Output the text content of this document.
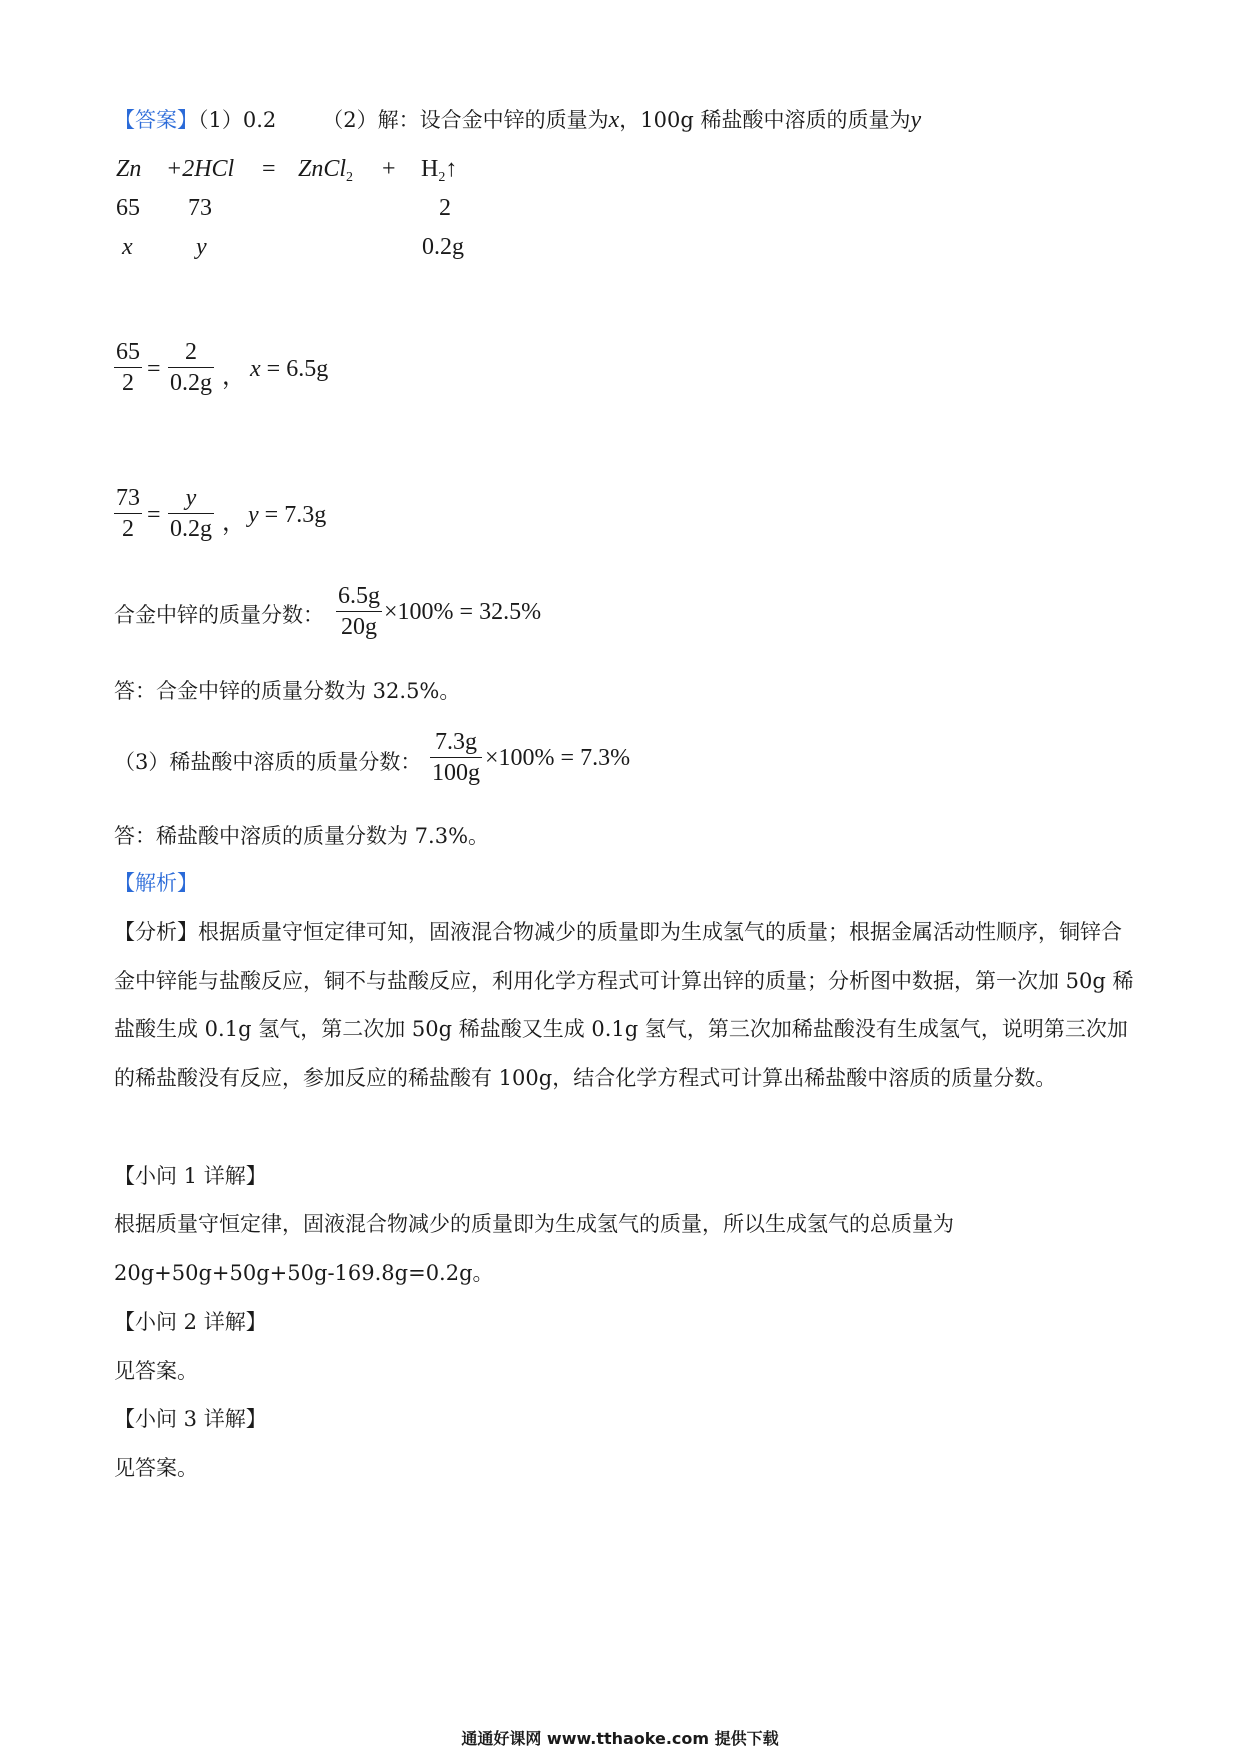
【答案】（1）0.2 （2）解：设合金中锌的质量为x，100g 稀盐酸中溶质的质量为y
Zn +2HCl = ZnCl$_2$ + $H_2↑$
65 73	2
x	y	0.2g
65
2
=
2
0.2g ， x = 6.5g
73
2
=
y
0.2g ， y = 7.3g
合金中锌的质量分数：
6.5g
20g
×100% = 32.5%
答：合金中锌的质量分数为 32.5%。
（3）稀盐酸中溶质的质量分数：
7.3g
100g
×100% = 7.3%
答：稀盐酸中溶质的质量分数为 7.3%。
【解析】
【分析】根据质量守恒定律可知，固液混合物减少的质量即为生成氢气的质量；根据金属活动性顺序，铜锌合金中锌能与盐酸反应，铜不与盐酸反应，利用化学方程式可计算出锌的质量；分析图中数据，第一次加 50g 稀盐酸生成 0.1g 氢气，第二次加 50g 稀盐酸又生成 0.1g 氢气，第三次加稀盐酸没有生成氢气，说明第三次加的稀盐酸没有反应，参加反应的稀盐酸有 100g，结合化学方程式可计算出稀盐酸中溶质的质量分数。
【小问 1 详解】
根据质量守恒定律，固液混合物减少的质量即为生成氢气的质量，所以生成氢气的总质量为
20g+50g+50g+50g-169.8g=0.2g。
【小问 2 详解】
见答案。
【小问 3 详解】
见答案。
通通好课网 www.tthaoke.com 提供下载
